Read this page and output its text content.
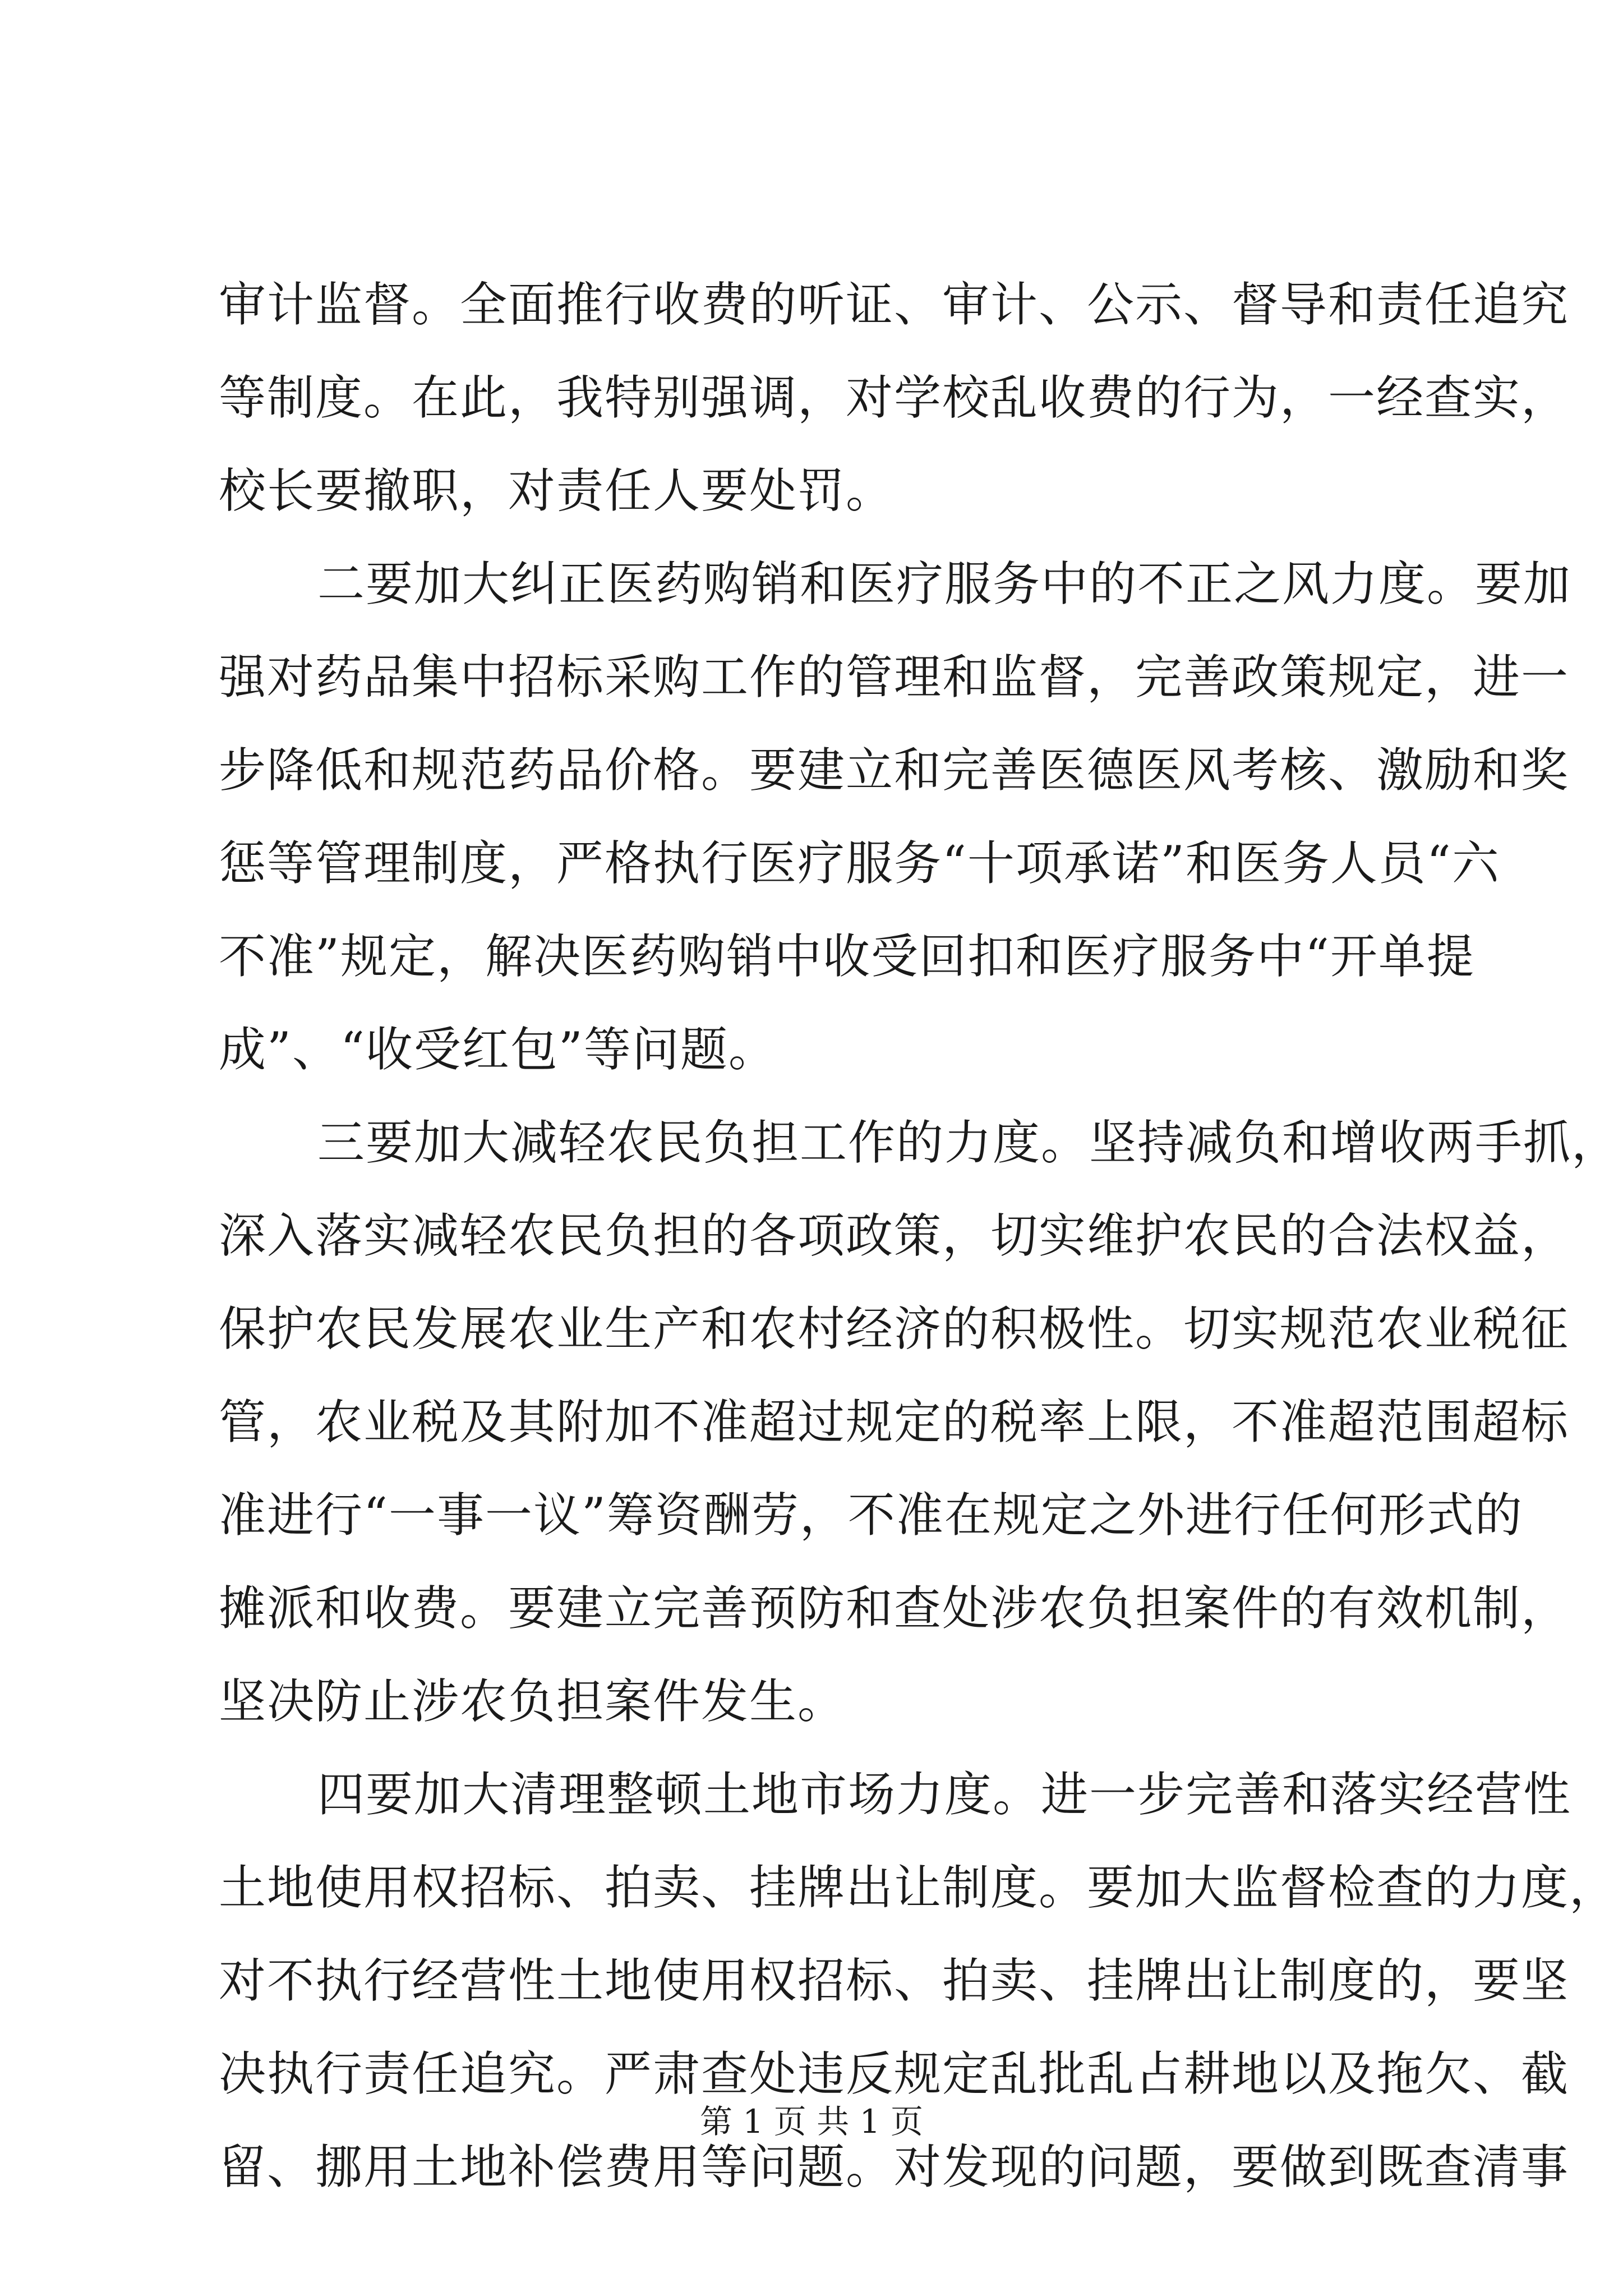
审计监督。全面推行收费的听证、审计、公示、督导和责任追究
等制度。在此，我特别强调，对学校乱收费的行为，一经查实，
校长要撤职，对责任人要处罚。
二要加大纠正医药购销和医疗服务中的不正之风力度。要加
强对药品集中招标采购工作的管理和监督，完善政策规定，进一
步降低和规范药品价格。要建立和完善医德医风考核、激励和奖
惩等管理制度，严格执行医疗服务“十项承诺”和医务人员“六
不准”规定，解决医药购销中收受回扣和医疗服务中“开单提
成”、“收受红包”等问题。
三要加大减轻农民负担工作的力度。坚持减负和增收两手抓，
深入落实减轻农民负担的各项政策，切实维护农民的合法权益，
保护农民发展农业生产和农村经济的积极性。切实规范农业税征
管，农业税及其附加不准超过规定的税率上限，不准超范围超标
准进行“一事一议”筹资酬劳，不准在规定之外进行任何形式的
摊派和收费。要建立完善预防和查处涉农负担案件的有效机制，
坚决防止涉农负担案件发生。
四要加大清理整顿土地市场力度。进一步完善和落实经营性
土地使用权招标、拍卖、挂牌出让制度。要加大监督检查的力度，
对不执行经营性土地使用权招标、拍卖、挂牌出让制度的，要坚
决执行责任追究。严肃查处违反规定乱批乱占耕地以及拖欠、截
留、挪用土地补偿费用等问题。对发现的问题，要做到既查清事
第 1 页 共 1 页
